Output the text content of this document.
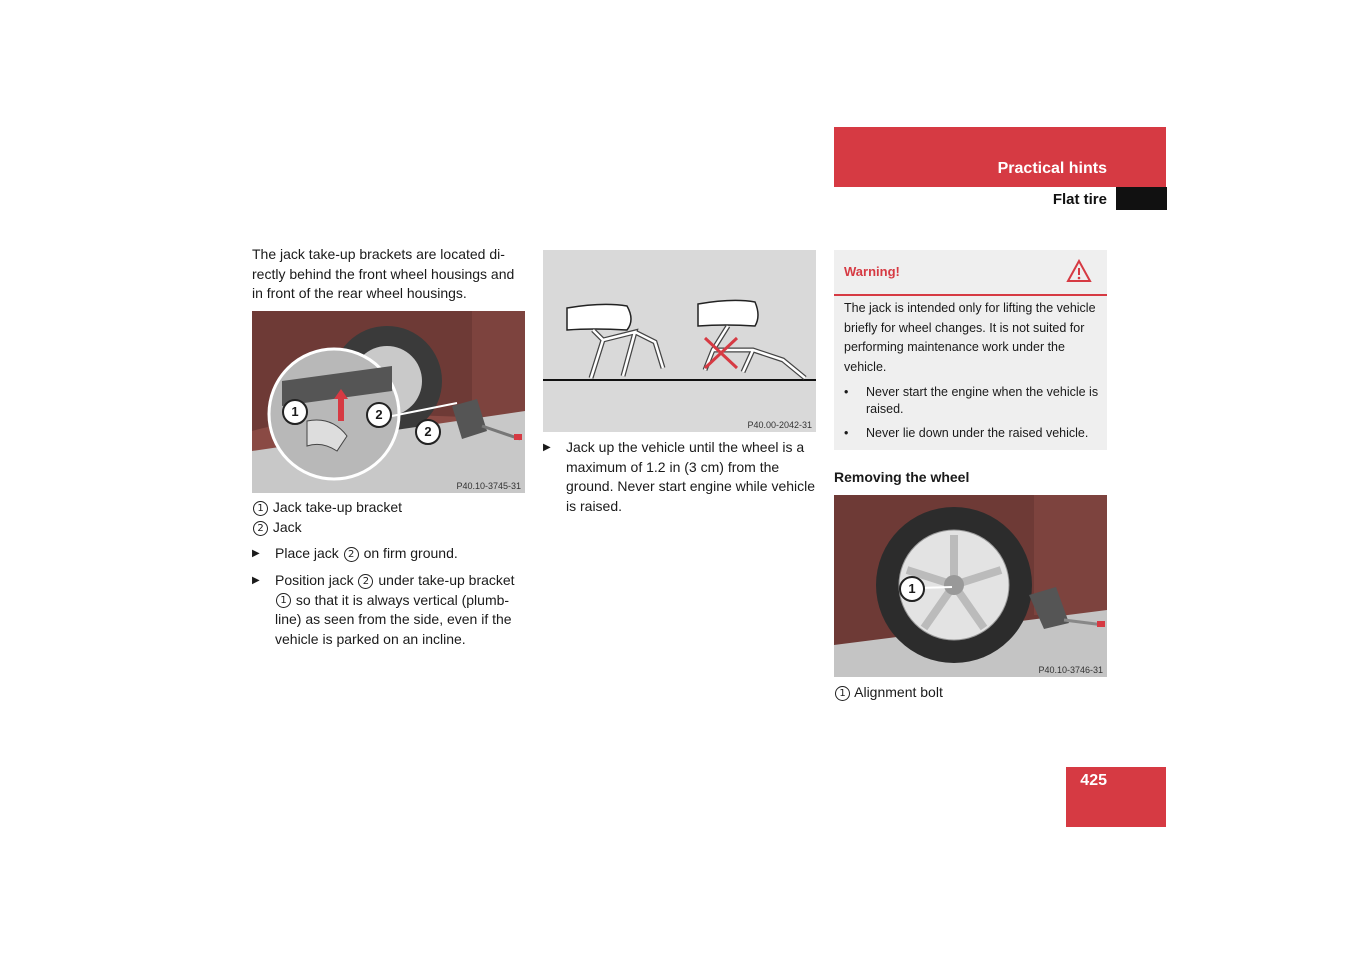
Practical hints
Flat tire
The jack take-up brackets are located di-rectly behind the front wheel housings and in front of the rear wheel housings.
1	2
2
P40.10-3745-31
1 Jack take-up bracket
2 Jack
▶ Place jack 2 on firm ground.
▶ Position jack 2 under take-up bracket 1 so that it is always vertical (plumb-line) as seen from the side, even if the vehicle is parked on an incline.
P40.00-2042-31
▶ Jack up the vehicle until the wheel is a maximum of 1.2 in (3 cm) from the ground. Never start engine while vehicle is raised.
Warning!
The jack is intended only for lifting the vehicle briefly for wheel changes. It is not suited for performing maintenance work under the vehicle.
• Never start the engine when the vehicle is raised.
• Never lie down under the raised vehicle.
Removing the wheel
1
P40.10-3746-31
1 Alignment bolt
425
